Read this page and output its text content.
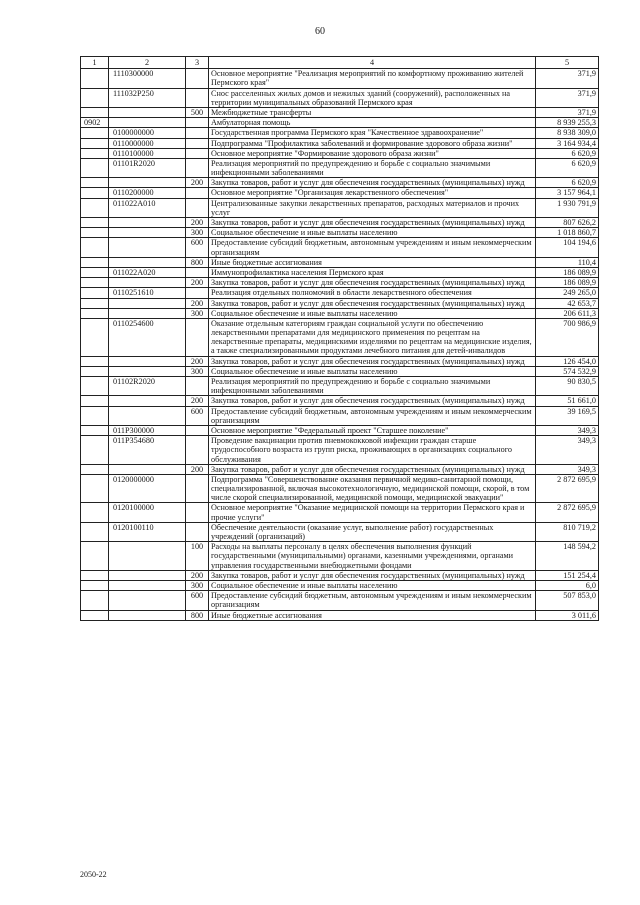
60
1	2	3	4	5
	1110300000		Основное мероприятие "Реализация мероприятий по комфортному проживанию жителей Пермского края"	371,9
	111032Р250		Снос расселенных жилых домов и нежилых зданий (сооружений), расположенных на территории муниципальных образований Пермского края	371,9
		500	Межбюджетные трансферты	371,9
0902			Амбулаторная помощь	8 939 255,3
	0100000000		Государственная программа Пермского края "Качественное здравоохранение"	8 938 309,0
	0110000000		Подпрограмма "Профилактика заболеваний и формирование здорового образа жизни"	3 164 934,4
	0110100000		Основное мероприятие "Формирование здорового образа жизни"	6 620,9
	01101R2020		Реализация мероприятий по предупреждению и борьбе с социально значимыми инфекционными заболеваниями	6 620,9
		200	Закупка товаров, работ и услуг для обеспечения государственных (муниципальных) нужд	6 620,9
	0110200000		Основное мероприятие "Организация лекарственного обеспечения"	3 157 964,1
	011022А010		Централизованные закупки лекарственных препаратов, расходных материалов и прочих услуг	1 930 791,9
		200	Закупка товаров, работ и услуг для обеспечения государственных (муниципальных) нужд	807 626,2
		300	Социальное обеспечение и иные выплаты населению	1 018 860,7
		600	Предоставление субсидий бюджетным, автономным учреждениям и иным некоммерческим организациям	104 194,6
		800	Иные бюджетные ассигнования	110,4
	011022А020		Иммунопрофилактика населения Пермского края	186 089,9
		200	Закупка товаров, работ и услуг для обеспечения государственных (муниципальных) нужд	186 089,9
	0110251610		Реализация отдельных полномочий в области лекарственного обеспечения	249 265,0
		200	Закупка товаров, работ и услуг для обеспечения государственных (муниципальных) нужд	42 653,7
		300	Социальное обеспечение и иные выплаты населению	206 611,3
	0110254600		Оказание отдельным категориям граждан социальной услуги по обеспечению лекарственными препаратами для медицинского применения по рецептам на лекарственные препараты, медицинскими изделиями по рецептам на медицинские изделия, а также специализированными продуктами лечебного питания для детей-инвалидов	700 986,9
		200	Закупка товаров, работ и услуг для обеспечения государственных (муниципальных) нужд	126 454,0
		300	Социальное обеспечение и иные выплаты населению	574 532,9
	01102R2020		Реализация мероприятий по предупреждению и борьбе с социально значимыми инфекционными заболеваниями	90 830,5
		200	Закупка товаров, работ и услуг для обеспечения государственных (муниципальных) нужд	51 661,0
		600	Предоставление субсидий бюджетным, автономным учреждениям и иным некоммерческим организациям	39 169,5
	011P300000		Основное мероприятие "Федеральный проект "Старшее поколение"	349,3
	011P354680		Проведение вакцинации против пневмококковой инфекции граждан старше трудоспособного возраста из групп риска, проживающих в организациях социального обслуживания	349,3
		200	Закупка товаров, работ и услуг для обеспечения государственных (муниципальных) нужд	349,3
	0120000000		Подпрограмма "Совершенствование оказания первичной медико-санитарной помощи, специализированной, включая высокотехнологичную, медицинской помощи, скорой, в том числе скорой специализированной, медицинской помощи, медицинской эвакуации"	2 872 695,9
	0120100000		Основное мероприятие "Оказание медицинской помощи на территории Пермского края и прочие услуги"	2 872 695,9
	0120100110		Обеспечение деятельности (оказание услуг, выполнение работ) государственных учреждений (организаций)	810 719,2
		100	Расходы на выплаты персоналу в целях обеспечения выполнения функций государственными (муниципальными) органами, казенными учреждениями, органами управления государственными внебюджетными фондами	148 594,2
		200	Закупка товаров, работ и услуг для обеспечения государственных (муниципальных) нужд	151 254,4
		300	Социальное обеспечение и иные выплаты населению	6,0
		600	Предоставление субсидий бюджетным, автономным учреждениям и иным некоммерческим организациям	507 853,0
		800	Иные бюджетные ассигнования	3 011,6
2050-22
